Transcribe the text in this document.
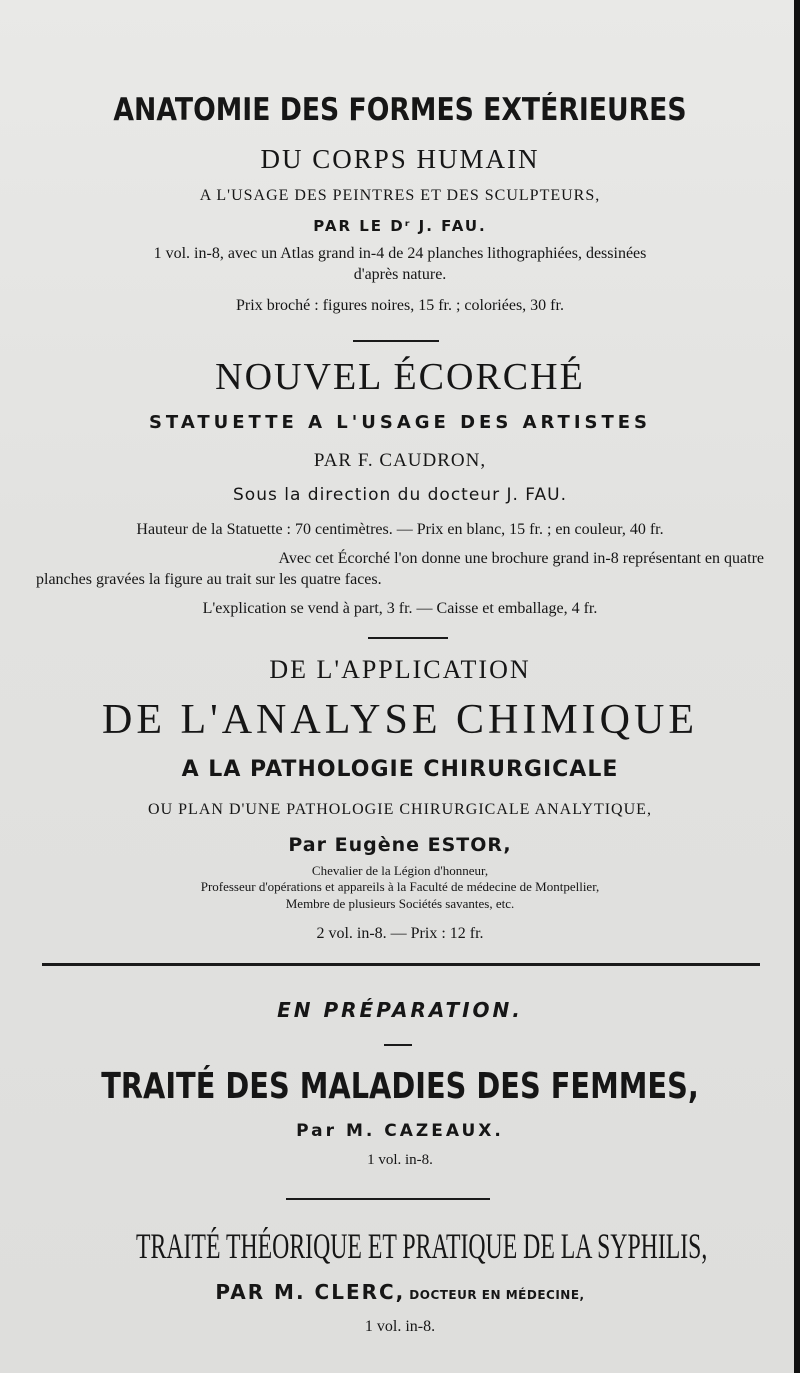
ANATOMIE DES FORMES EXTÉRIEURES
DU CORPS HUMAIN
A L'USAGE DES PEINTRES ET DES SCULPTEURS,
PAR LE Dʳ J. FAU.
1 vol. in-8, avec un Atlas grand in-4 de 24 planches lithographiées, dessinées
d'après nature.
Prix broché : figures noires, 15 fr. ; coloriées, 30 fr.
NOUVEL ÉCORCHÉ
STATUETTE A L'USAGE DES ARTISTES
PAR F. CAUDRON,
Sous la direction du docteur J. FAU.
Hauteur de la Statuette : 70 centimètres. — Prix en blanc, 15 fr. ; en couleur, 40 fr.
Avec cet Écorché l'on donne une brochure grand in-8 représentant en quatre
planches gravées la figure au trait sur les quatre faces.
L'explication se vend à part, 3 fr. — Caisse et emballage, 4 fr.
DE L'APPLICATION
DE L'ANALYSE CHIMIQUE
A LA PATHOLOGIE CHIRURGICALE
OU PLAN D'UNE PATHOLOGIE CHIRURGICALE ANALYTIQUE,
Par Eugène ESTOR,
Chevalier de la Légion d'honneur,
Professeur d'opérations et appareils à la Faculté de médecine de Montpellier,
Membre de plusieurs Sociétés savantes, etc.
2 vol. in-8. — Prix : 12 fr.
EN PRÉPARATION.
TRAITÉ DES MALADIES DES FEMMES,
Par M. CAZEAUX.
1 vol. in-8.
TRAITÉ THÉORIQUE ET PRATIQUE DE LA SYPHILIS,
PAR M. CLERC, DOCTEUR EN MÉDECINE,
1 vol. in-8.
